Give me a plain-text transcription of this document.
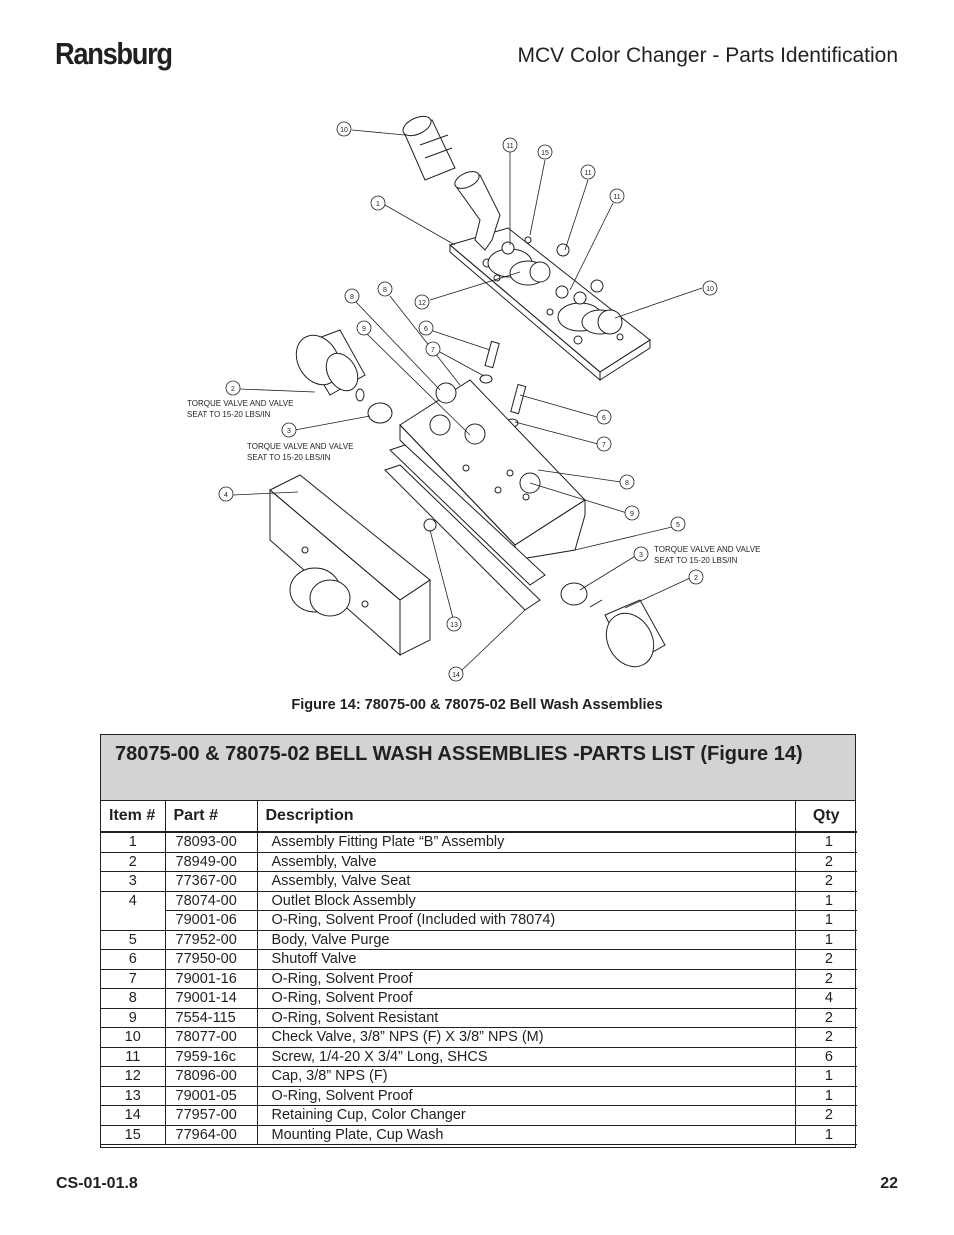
Ransburg	MCV Color Changer - Parts Identification
10
11
15
11
11
1
8
8
12
10
9	6
7
2
3
6
7
4
8
9
5
3
2
13
14
TORQUE VALVE AND VALVE
SEAT TO 15-20 LBS/IN
TORQUE VALVE AND VALVE
SEAT TO 15-20 LBS/IN
TORQUE VALVE AND VALVE
SEAT TO 15-20 LBS/IN
Figure 14: 78075-00 & 78075-02 Bell Wash Assemblies
78075-00 & 78075-02 BELL WASH ASSEMBLIES -PARTS LIST (Figure 14)
Item #	Part #	Description	Qty
1	78093-00	Assembly Fitting Plate “B” Assembly	1
2	78949-00	Assembly, Valve	2
3	77367-00	Assembly, Valve Seat	2
4	78074-00	Outlet Block Assembly	1
	79001-06	O-Ring, Solvent Proof (Included with 78074)	1
5	77952-00	Body, Valve Purge	1
6	77950-00	Shutoff Valve	2
7	79001-16	O-Ring, Solvent Proof	2
8	79001-14	O-Ring, Solvent Proof	4
9	7554-115	O-Ring, Solvent Resistant	2
10	78077-00	Check Valve, 3/8” NPS (F) X 3/8” NPS (M)	2
11	7959-16c	Screw, 1/4-20 X 3/4” Long, SHCS	6
12	78096-00	Cap, 3/8” NPS (F)	1
13	79001-05	O-Ring, Solvent Proof	1
14	77957-00	Retaining Cup, Color Changer	2
15	77964-00	Mounting Plate, Cup Wash	1
CS-01-01.8	22
